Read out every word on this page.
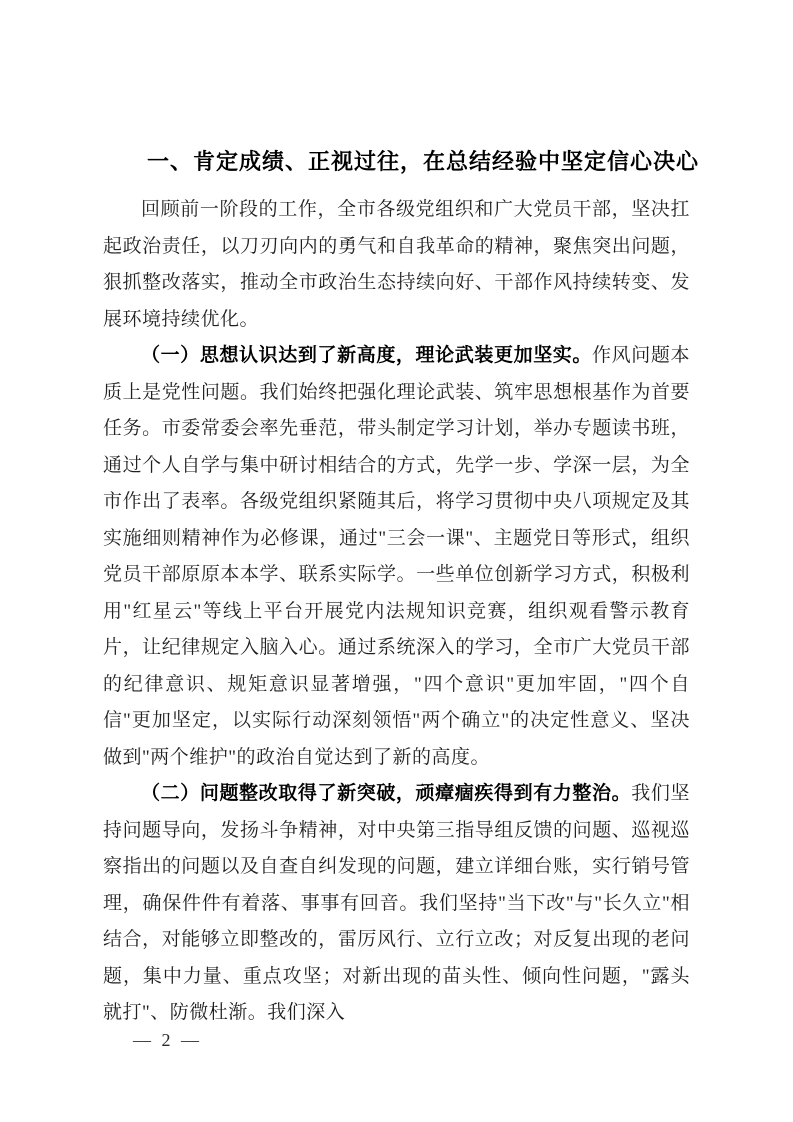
一、肯定成绩、正视过往，在总结经验中坚定信心决心

回顾前一阶段的工作，全市各级党组织和广大党员干部，坚决扛起政治责任，以刀刃向内的勇气和自我革命的精神，聚焦突出问题，狠抓整改落实，推动全市政治生态持续向好、干部作风持续转变、发展环境持续优化。

（一）思想认识达到了新高度，理论武装更加坚实。作风问题本质上是党性问题。我们始终把强化理论武装、筑牢思想根基作为首要任务。市委常委会率先垂范，带头制定学习计划，举办专题读书班，通过个人自学与集中研讨相结合的方式，先学一步、学深一层，为全市作出了表率。各级党组织紧随其后，将学习贯彻中央八项规定及其实施细则精神作为必修课，通过"三会一课"、主题党日等形式，组织党员干部原原本本学、联系实际学。一些单位创新学习方式，积极利用"红星云"等线上平台开展党内法规知识竞赛，组织观看警示教育片，让纪律规定入脑入心。通过系统深入的学习，全市广大党员干部的纪律意识、规矩意识显著增强，"四个意识"更加牢固，"四个自信"更加坚定，以实际行动深刻领悟"两个确立"的决定性意义、坚决做到"两个维护"的政治自觉达到了新的高度。

（二）问题整改取得了新突破，顽瘴痼疾得到有力整治。我们坚持问题导向，发扬斗争精神，对中央第三指导组反馈的问题、巡视巡察指出的问题以及自查自纠发现的问题，建立详细台账，实行销号管理，确保件件有着落、事事有回音。我们坚持"当下改"与"长久立"相结合，对能够立即整改的，雷厉风行、立行立改；对反复出现的老问题，集中力量、重点攻坚；对新出现的苗头性、倾向性问题，"露头就打"、防微杜渐。我们深入

— 2 —
